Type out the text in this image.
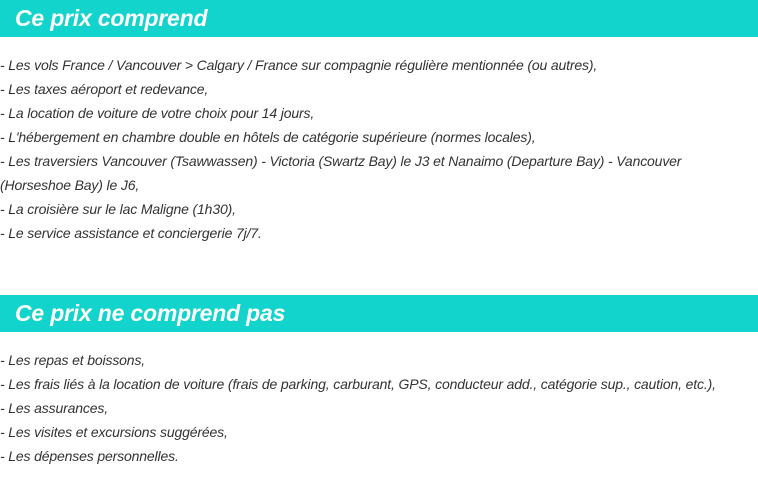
Ce prix comprend
- Les vols France / Vancouver > Calgary / France sur compagnie régulière mentionnée (ou autres),
- Les taxes aéroport et redevance,
- La location de voiture de votre choix pour 14 jours,
- L'hébergement en chambre double en hôtels de catégorie supérieure (normes locales),
- Les traversiers Vancouver (Tsawwassen) - Victoria (Swartz Bay) le J3 et Nanaimo (Departure Bay) - Vancouver (Horseshoe Bay) le J6,
- La croisière sur le lac Maligne (1h30),
- Le service assistance et conciergerie 7j/7.
Ce prix ne comprend pas
- Les repas et boissons,
- Les frais liés à la location de voiture (frais de parking, carburant, GPS, conducteur add., catégorie sup., caution, etc.),
- Les assurances,
- Les visites et excursions suggérées,
- Les dépenses personnelles.
